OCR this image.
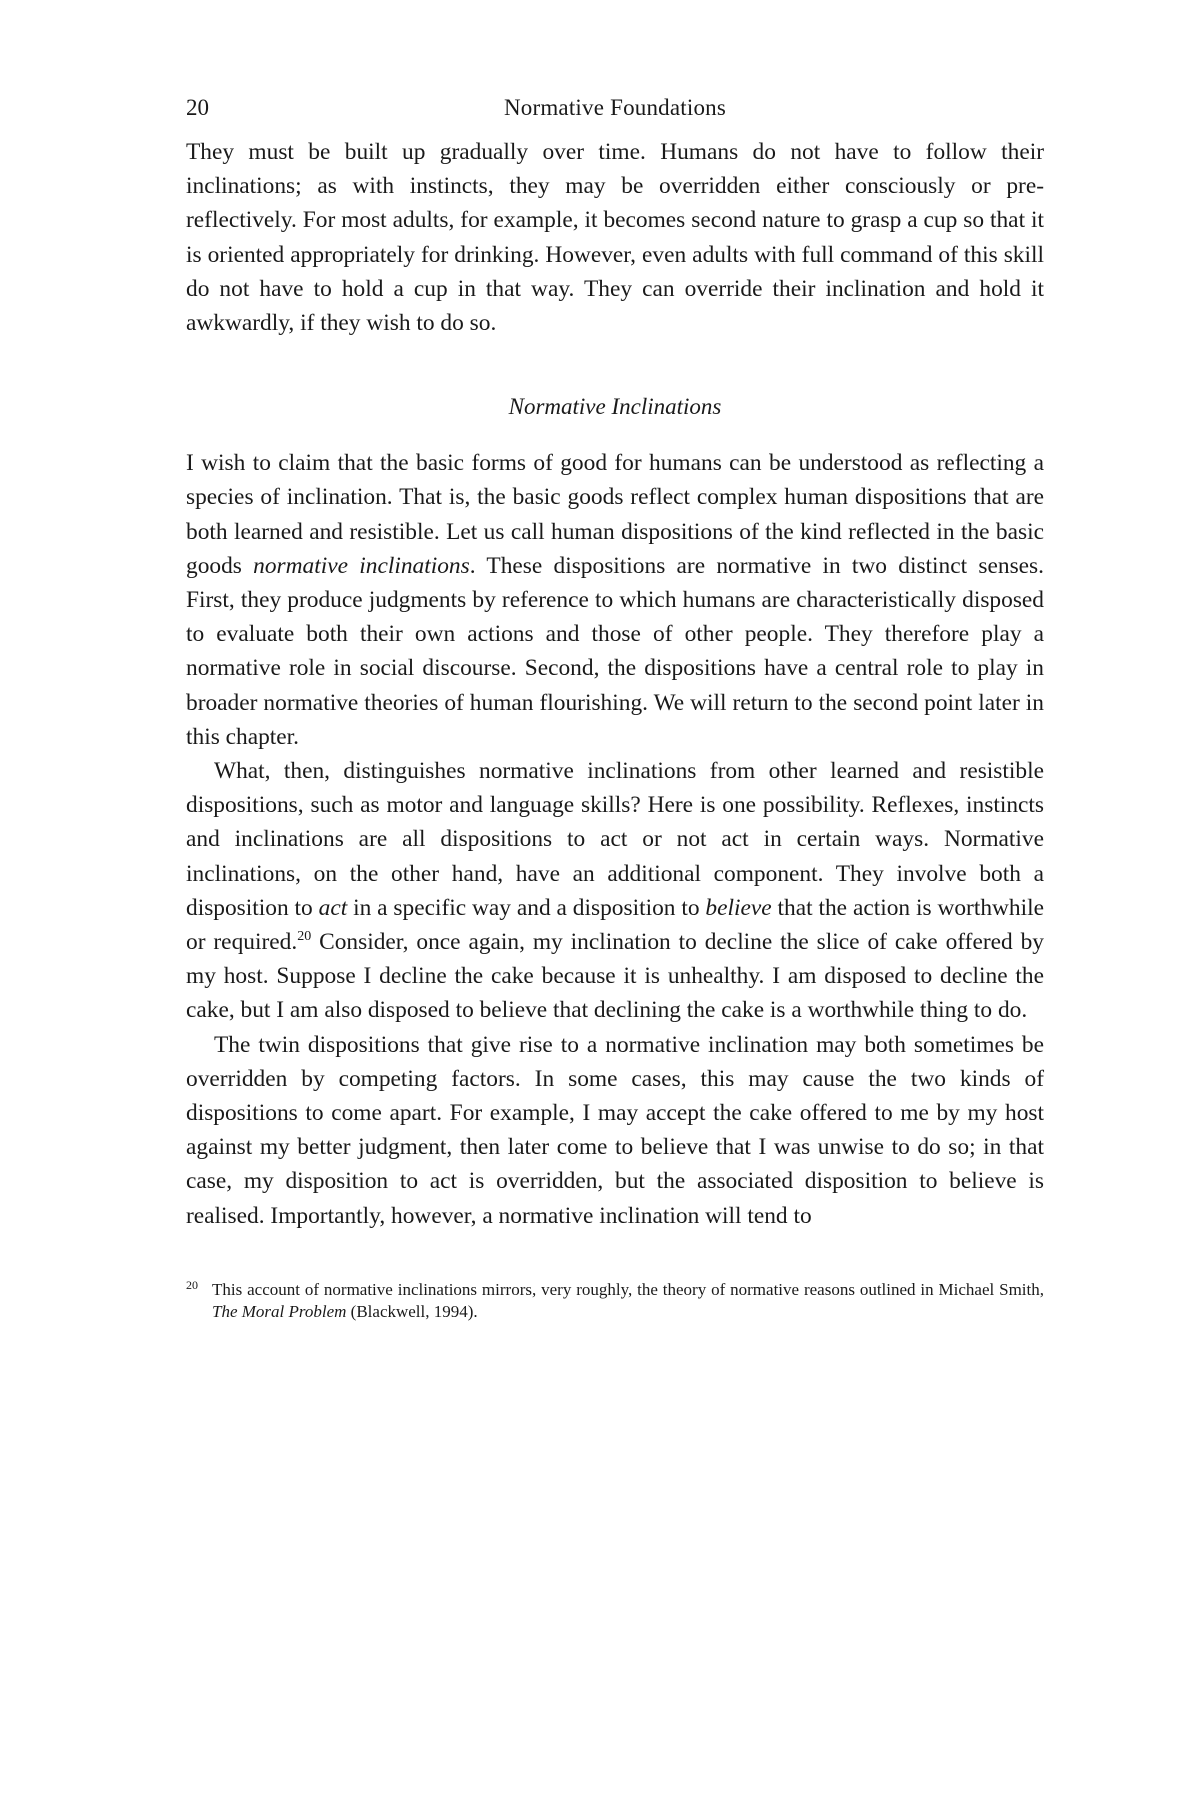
20	Normative Foundations

They must be built up gradually over time. Humans do not have to follow their inclinations; as with instincts, they may be overridden either consciously or pre-reflectively. For most adults, for example, it becomes second nature to grasp a cup so that it is oriented appropriately for drinking. However, even adults with full command of this skill do not have to hold a cup in that way. They can override their inclination and hold it awkwardly, if they wish to do so.

Normative Inclinations

I wish to claim that the basic forms of good for humans can be understood as reflecting a species of inclination. That is, the basic goods reflect complex human dispositions that are both learned and resistible. Let us call human dispositions of the kind reflected in the basic goods normative inclinations. These dispositions are normative in two distinct senses. First, they produce judgments by reference to which humans are characteristically disposed to evaluate both their own actions and those of other people. They therefore play a normative role in social discourse. Second, the dispositions have a central role to play in broader normative theories of human flourishing. We will return to the second point later in this chapter.

What, then, distinguishes normative inclinations from other learned and resistible dispositions, such as motor and language skills? Here is one possibility. Reflexes, instincts and inclinations are all dispositions to act or not act in certain ways. Normative inclinations, on the other hand, have an additional component. They involve both a disposition to act in a specific way and a disposition to believe that the action is worthwhile or required.$^{20}$ Consider, once again, my inclination to decline the slice of cake offered by my host. Suppose I decline the cake because it is unhealthy. I am disposed to decline the cake, but I am also disposed to believe that declining the cake is a worthwhile thing to do.

The twin dispositions that give rise to a normative inclination may both sometimes be overridden by competing factors. In some cases, this may cause the two kinds of dispositions to come apart. For example, I may accept the cake offered to me by my host against my better judgment, then later come to believe that I was unwise to do so; in that case, my disposition to act is overridden, but the associated disposition to believe is realised. Importantly, however, a normative inclination will tend to

20 This account of normative inclinations mirrors, very roughly, the theory of normative reasons outlined in Michael Smith, The Moral Problem (Blackwell, 1994).
